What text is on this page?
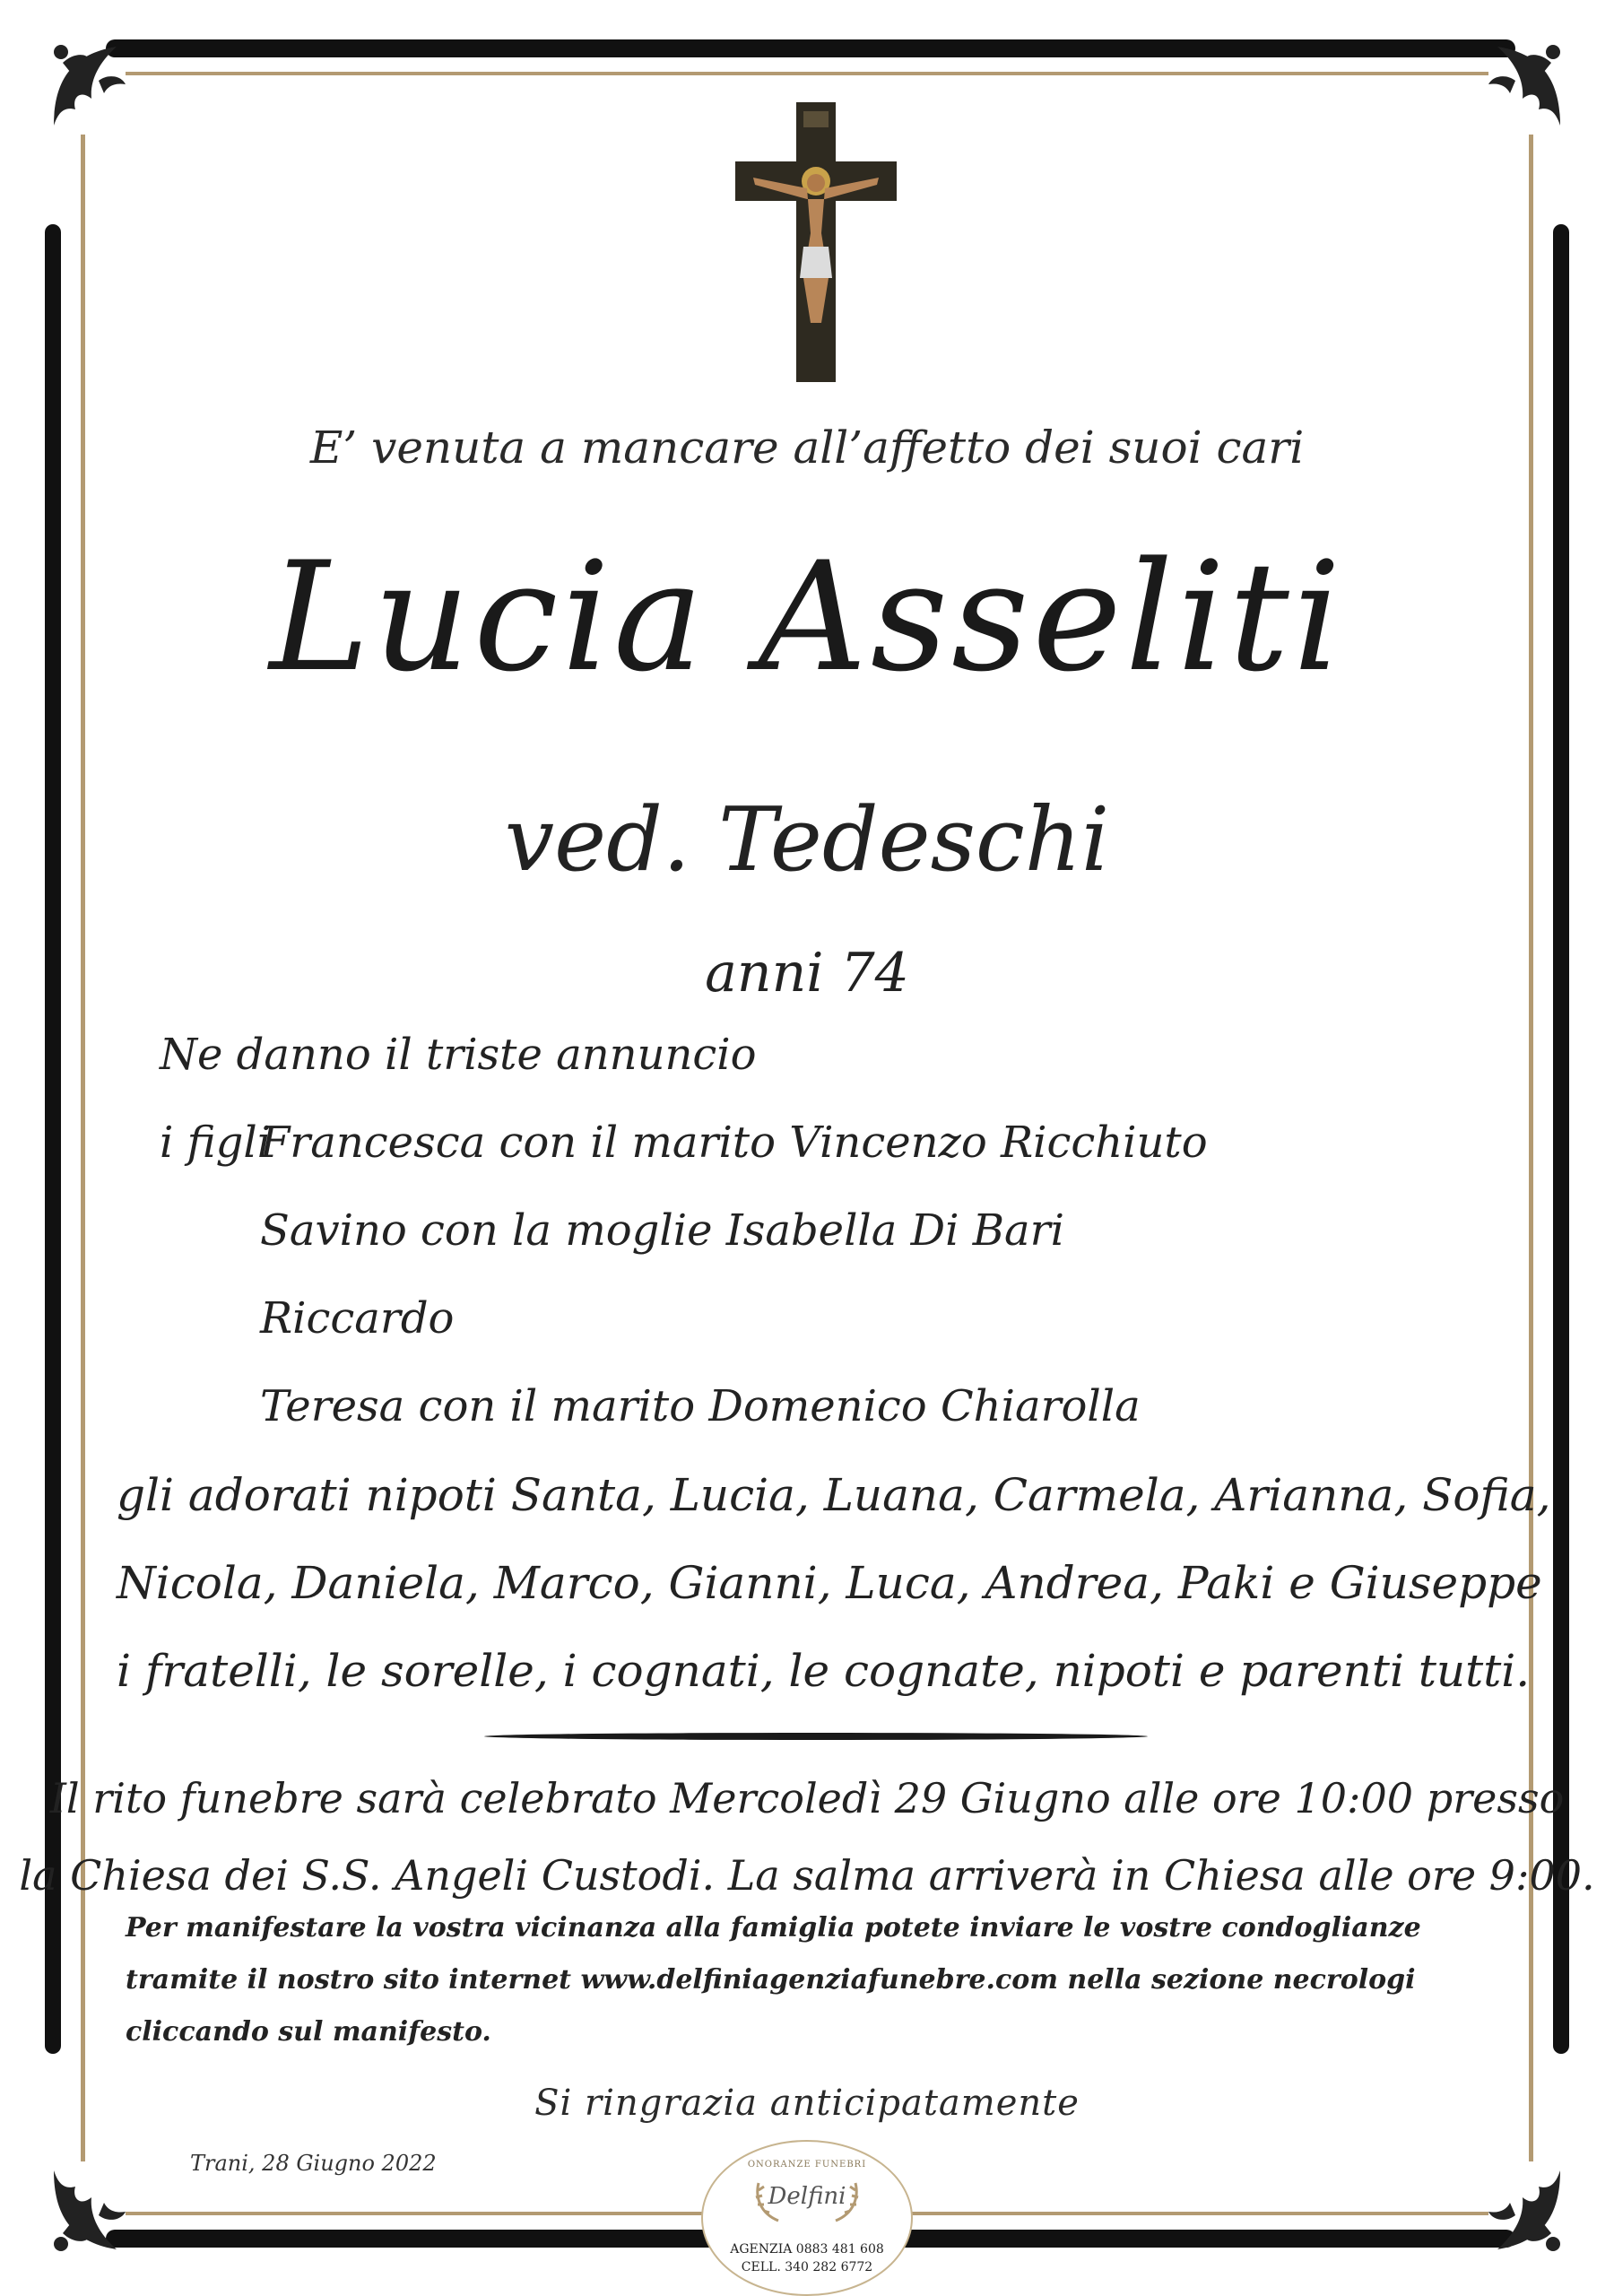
E’ venuta a mancare all’affetto dei suoi cari
Lucia Asseliti
ved. Tedeschi
anni 74
Ne danno il triste annuncio
i figliFrancesca con il marito Vincenzo Ricchiuto
Savino con la moglie Isabella Di Bari
Riccardo
Teresa con il marito Domenico Chiarolla
gli adorati nipoti Santa, Lucia, Luana, Carmela, Arianna, Sofia,
Nicola, Daniela, Marco, Gianni, Luca, Andrea, Paki e Giuseppe
i fratelli, le sorelle, i cognati, le cognate, nipoti e parenti tutti.
Il rito funebre sarà celebrato Mercoledì 29 Giugno alle ore 10:00 presso
la Chiesa dei S.S. Angeli Custodi. La salma arriverà in Chiesa alle ore 9:00.
Per manifestare la vostra vicinanza alla famiglia potete inviare le vostre condoglianze
tramite il nostro sito internet www.delfiniagenziafunebre.com nella sezione necrologi
cliccando sul manifesto.
Si ringrazia anticipatamente
Trani, 28 Giugno 2022	ONORANZE FUNEBRI
Delfini
AGENZIA 0883 481 608
CELL. 340 282 6772
